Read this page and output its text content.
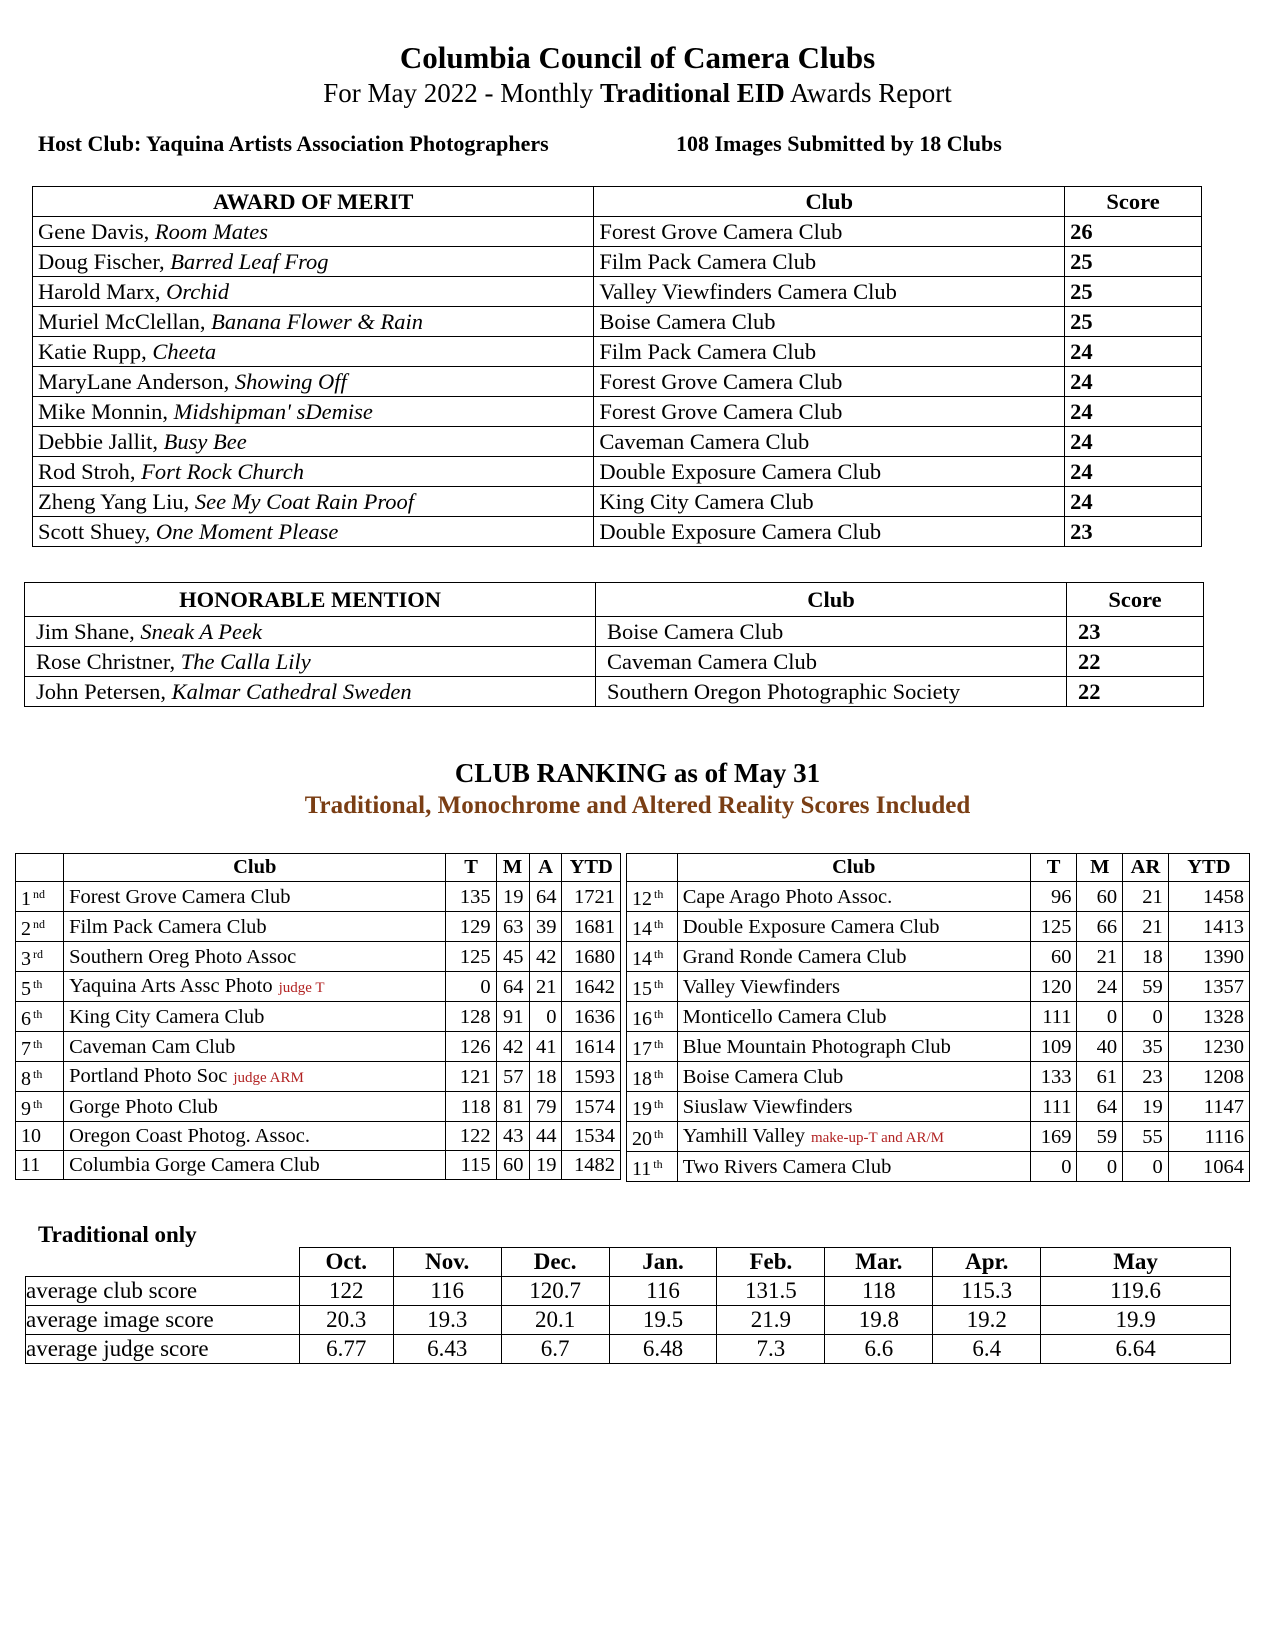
Columbia Council of Camera Clubs
For May 2022 - Monthly Traditional EID Awards Report
Host Club: Yaquina Artists Association Photographers	108 Images Submitted by 18 Clubs
AWARD OF MERIT	Club	Score
Gene Davis, Room Mates	Forest Grove Camera Club	26
Doug Fischer, Barred Leaf Frog	Film Pack Camera Club	25
Harold Marx, Orchid	Valley Viewfinders Camera Club	25
Muriel McClellan, Banana Flower & Rain	Boise Camera Club	25
Katie Rupp, Cheeta	Film Pack Camera Club	24
MaryLane Anderson, Showing Off	Forest Grove Camera Club	24
Mike Monnin, Midshipman' sDemise	Forest Grove Camera Club	24
Debbie Jallit, Busy Bee	Caveman Camera Club	24
Rod Stroh, Fort Rock Church	Double Exposure Camera Club	24
Zheng Yang Liu, See My Coat Rain Proof	King City Camera Club	24
Scott Shuey, One Moment Please	Double Exposure Camera Club	23
HONORABLE MENTION	Club	Score
Jim Shane, Sneak A Peek	Boise Camera Club	23
Rose Christner, The Calla Lily	Caveman Camera Club	22
John Petersen, Kalmar Cathedral Sweden	Southern Oregon Photographic Society	22
CLUB RANKING as of May 31
Traditional, Monochrome and Altered Reality Scores Included
	Club	T	M	A	YTD
1 $^{nd}$	Forest Grove Camera Club	135	19	64	1721
2 $^{nd}$	Film Pack Camera Club	129	63	39	1681
3 $^{rd}$	Southern Oreg Photo Assoc	125	45	42	1680
5 $^{th}$	Yaquina Arts Assc Photo judge T	0	64	21	1642
6 $^{th}$	King City Camera Club	128	91	0	1636
7 $^{th}$	Caveman Cam Club	126	42	41	1614
8 $^{th}$	Portland Photo Soc judge ARM	121	57	18	1593
9 $^{th}$	Gorge Photo Club	118	81	79	1574
10	Oregon Coast Photog. Assoc.	122	43	44	1534
11	Columbia Gorge Camera Club	115	60	19	1482
	Club	T	M	AR	YTD
12 $^{th}$	Cape Arago Photo Assoc.	96	60	21	1458
14 $^{th}$	Double Exposure Camera Club	125	66	21	1413
14 $^{th}$	Grand Ronde Camera Club	60	21	18	1390
15 $^{th}$	Valley Viewfinders	120	24	59	1357
16 $^{th}$	Monticello Camera Club	111	0	0	1328
17 $^{th}$	Blue Mountain Photograph Club	109	40	35	1230
18 $^{th}$	Boise Camera Club	133	61	23	1208
19 $^{th}$	Siuslaw Viewfinders	111	64	19	1147
20 $^{th}$	Yamhill Valley make-up-T and AR/M	169	59	55	1116
11 $^{th}$	Two Rivers Camera Club	0	0	0	1064
Traditional only
	Oct.	Nov.	Dec.	Jan.	Feb.	Mar.	Apr.	May
average club score	122	116	120.7	116	131.5	118	115.3	119.6
average image score	20.3	19.3	20.1	19.5	21.9	19.8	19.2	19.9
average judge score	6.77	6.43	6.7	6.48	7.3	6.6	6.4	6.64
